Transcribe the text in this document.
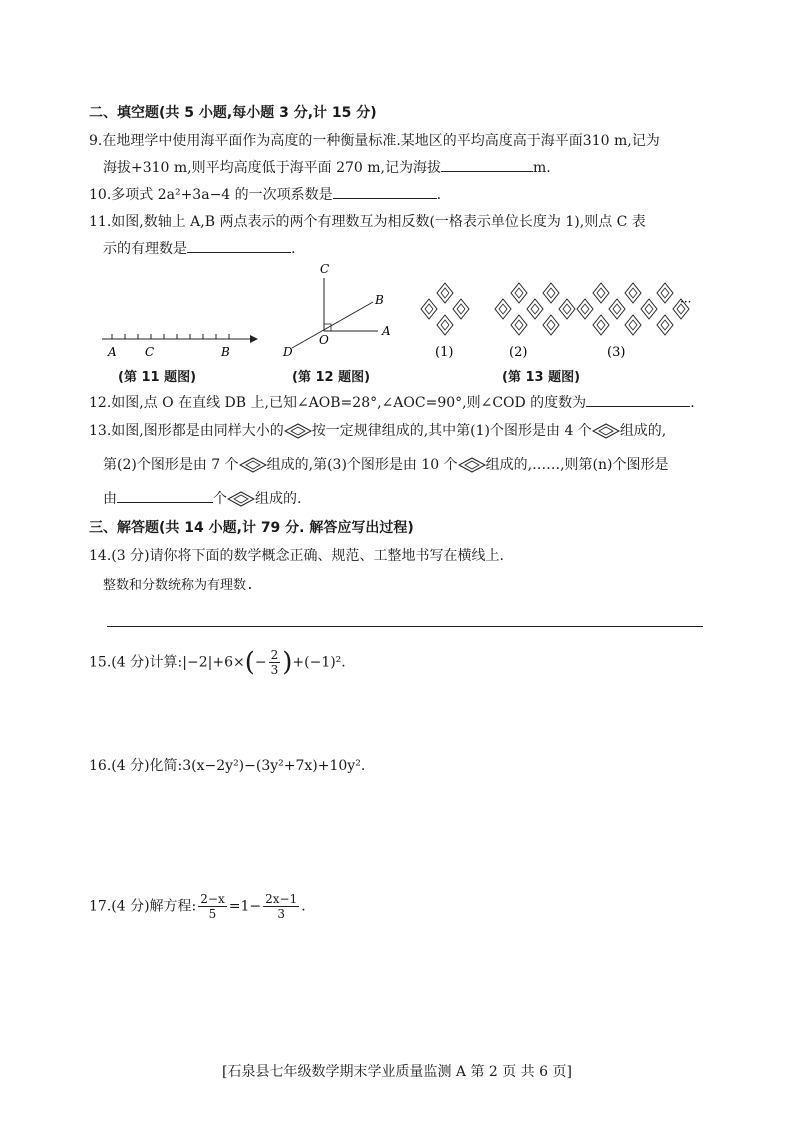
二、填空题(共 5 小题,每小题 3 分,计 15 分)
9.在地理学中使用海平面作为高度的一种衡量标准.某地区的平均高度高于海平面310 m,记为
海拔+310 m,则平均高度低于海平面 270 m,记为海拔	m.
10.多项式 2a²+3a−4 的一次项系数是	.
11.如图,数轴上 A,B 两点表示的两个有理数互为相反数(一格表示单位长度为 1),则点 C 表
示的有理数是	.
A C	B
(第 11 题图)
C
B
O
A
D
(第 12 题图)
···
(1)	(2)	(3)
(第 13 题图)
12.如图,点 O 在直线 DB 上,已知∠AOB=28°,∠AOC=90°,则∠COD 的度数为	.
13.如图,图形都是由同样大小的 按一定规律组成的,其中第(1)个图形是由 4 个 组成的,
第(2)个图形是由 7 个 组成的,第(3)个图形是由 10 个 组成的,……,则第(n)个图形是
由	个 组成的.
三、解答题(共 14 小题,计 79 分. 解答应写出过程)
14.(3 分)请你将下面的数学概念正确、规范、工整地书写在横线上.
整数和分数统称为有理数.
15.(4 分)计算:|−2|+6×(− $\frac{2}{3} )+(-1)^2$.
16.(4 分)化简:3(x−2y²)−(3y²+7x)+10y².
17.(4 分)解方程: $\frac{2-x}{5} =1- \frac{2x-1}{3}$ .
[石泉县七年级数学期末学业质量监测 A 第 2 页 共 6 页]
